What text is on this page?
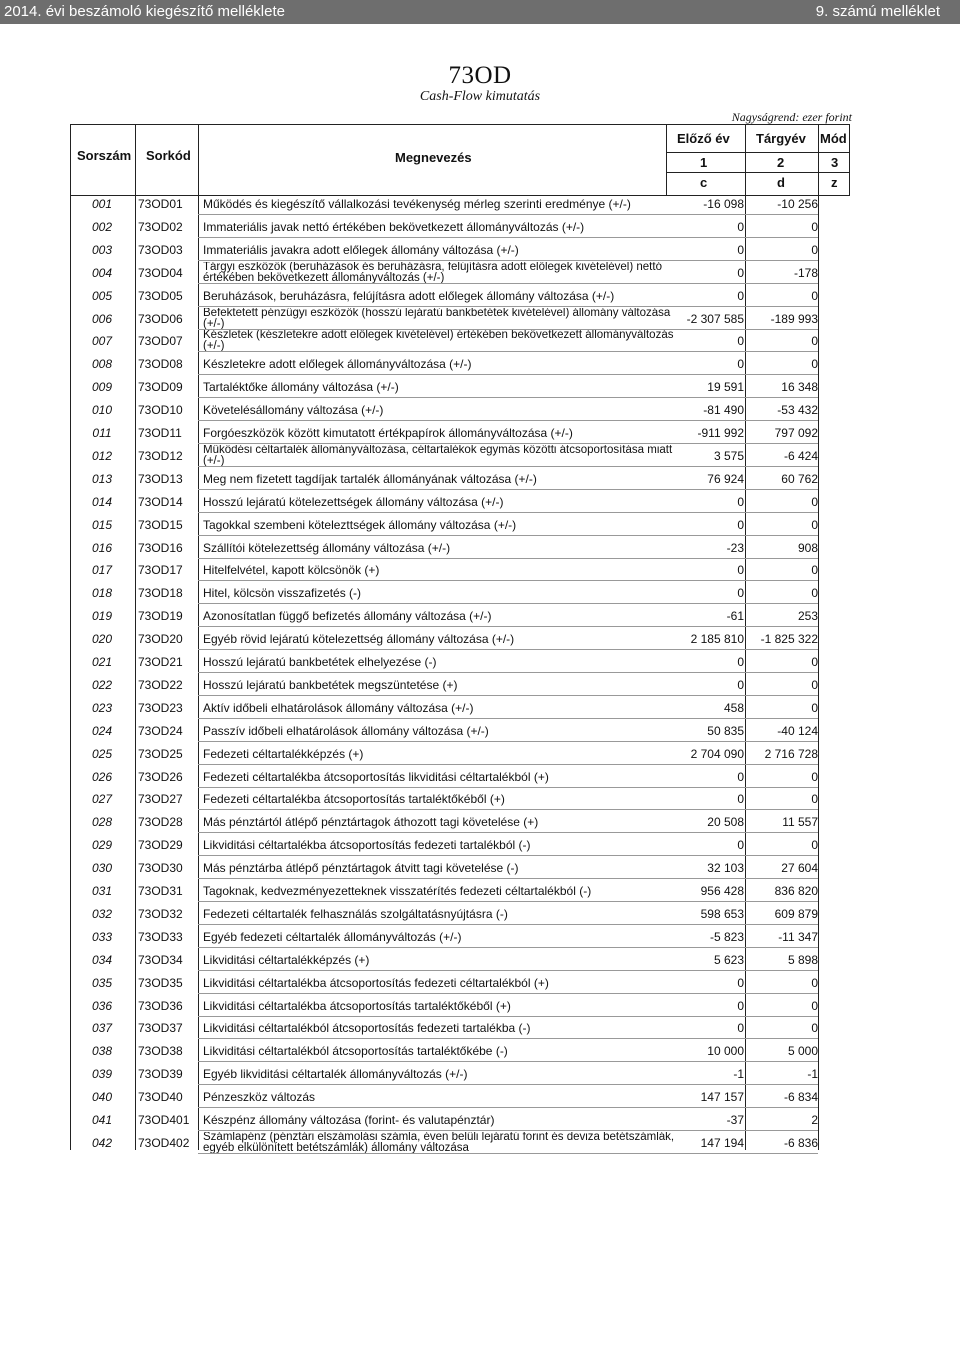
2014. évi beszámoló kiegészítő melléklete	9. számú melléklet
73OD
Cash-Flow kimutatás
Nagyságrend: ezer forint
Sorszám Sorkód	Megnevezés
Előző év Tárgyév Mód
1	2	3
c	d	z
001	73OD01	Működés és kiegészítő vállalkozási tevékenység mérleg szerinti eredménye (+/-)	-16 098	-10 256
002	73OD02	Immateriális javak nettó értékében bekövetkezett állományváltozás (+/-)	0	0
003	73OD03	Immateriális javakra adott előlegek állomány változása (+/-)	0	0
004	73OD04	Tárgyi eszközök (beruházások és beruházásra, felújításra adott előlegek kivételével) nettó értékében bekövetkezett állományváltozás (+/-)	0	-178
005	73OD05	Beruházások, beruházásra, felújításra adott előlegek állomány változása (+/-)	0	0
006	73OD06	Befektetett pénzügyi eszközök (hosszú lejáratú bankbetétek kivételével) állomány változása (+/-)	-2 307 585	-189 993
007	73OD07	Készletek (készletekre adott előlegek kivételével) értékében bekövetkezett állományváltozás (+/-)	0	0
008	73OD08	Készletekre adott előlegek állományváltozása (+/-)	0	0
009	73OD09	Tartaléktőke állomány változása (+/-)	19 591	16 348
010	73OD10	Követelésállomány változása (+/-)	-81 490	-53 432
011	73OD11	Forgóeszközök között kimutatott értékpapírok állományváltozása (+/-)	-911 992	797 092
012	73OD12	Működési céltartalék állományváltozása, céltartalékok egymás közötti átcsoportosítása miatt (+/-)	3 575	-6 424
013	73OD13	Meg nem fizetett tagdíjak tartalék állományának változása (+/-)	76 924	60 762
014	73OD14	Hosszú lejáratú kötelezettségek állomány változása (+/-)	0	0
015	73OD15	Tagokkal szembeni kötelezttségek állomány változása (+/-)	0	0
016	73OD16	Szállítói kötelezettség állomány változása (+/-)	-23	908
017	73OD17	Hitelfelvétel, kapott kölcsönök (+)	0	0
018	73OD18	Hitel, kölcsön visszafizetés (-)	0	0
019	73OD19	Azonosítatlan függő befizetés állomány változása (+/-)	-61	253
020	73OD20	Egyéb rövid lejáratú kötelezettség állomány változása (+/-)	2 185 810	-1 825 322
021	73OD21	Hosszú lejáratú bankbetétek elhelyezése (-)	0	0
022	73OD22	Hosszú lejáratú bankbetétek megszüntetése (+)	0	0
023	73OD23	Aktív időbeli elhatárolások állomány változása (+/-)	458	0
024	73OD24	Passzív időbeli elhatárolások állomány változása (+/-)	50 835	-40 124
025	73OD25	Fedezeti céltartalékképzés (+)	2 704 090	2 716 728
026	73OD26	Fedezeti céltartalékba átcsoportosítás likviditási céltartalékból (+)	0	0
027	73OD27	Fedezeti céltartalékba átcsoportosítás tartaléktőkéből (+)	0	0
028	73OD28	Más pénztártól átlépő pénztártagok áthozott tagi követelése (+)	20 508	11 557
029	73OD29	Likviditási céltartalékba átcsoportosítás fedezeti tartalékból (-)	0	0
030	73OD30	Más pénztárba átlépő pénztártagok átvitt tagi követelése (-)	32 103	27 604
031	73OD31	Tagoknak, kedvezményezetteknek visszatérítés fedezeti céltartalékból (-)	956 428	836 820
032	73OD32	Fedezeti céltartalék felhasználás szolgáltatásnyújtásra (-)	598 653	609 879
033	73OD33	Egyéb fedezeti céltartalék állományváltozás (+/-)	-5 823	-11 347
034	73OD34	Likviditási céltartalékképzés (+)	5 623	5 898
035	73OD35	Likviditási céltartalékba átcsoportosítás fedezeti céltartalékból (+)	0	0
036	73OD36	Likviditási céltartalékba átcsoportosítás tartaléktőkéből (+)	0	0
037	73OD37	Likviditási céltartalékból átcsoportosítás fedezeti tartalékba (-)	0	0
038	73OD38	Likviditási céltartalékból átcsoportosítás tartaléktőkébe (-)	10 000	5 000
039	73OD39	Egyéb likviditási céltartalék állományváltozás (+/-)	-1	-1
040	73OD40	Pénzeszköz változás	147 157	-6 834
041	73OD401	Készpénz állomány változása (forint- és valutapénztár)	-37	2
042	73OD402	Számlapénz (pénztári elszámolási számla, éven belüli lejáratú forint és deviza betétszámlák, egyéb elkülönített betétszámlák) állomány változása	147 194	-6 836
